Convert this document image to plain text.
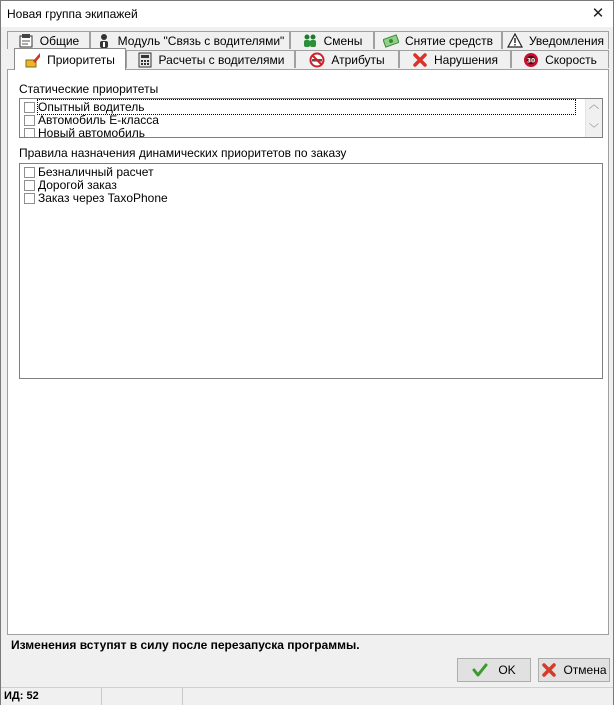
Новая группа экипажей	✕
Общие	Модуль "Связь с водителями"	Смены	Снятие средств	Уведомления
Приоритеты	Расчеты с водителями	Атрибуты	Нарушения	30 Скорость
Статические приоритеты
Опытный водитель
Автомобиль Е-класса
Новый автомобиль
︿
﹀
Правила назначения динамических приоритетов по заказу
Безналичный расчет
Дорогой заказ
Заказ через TaxoPhone
Изменения вступят в силу после перезапуска программы.
OK	Отмена
ИД: 52
